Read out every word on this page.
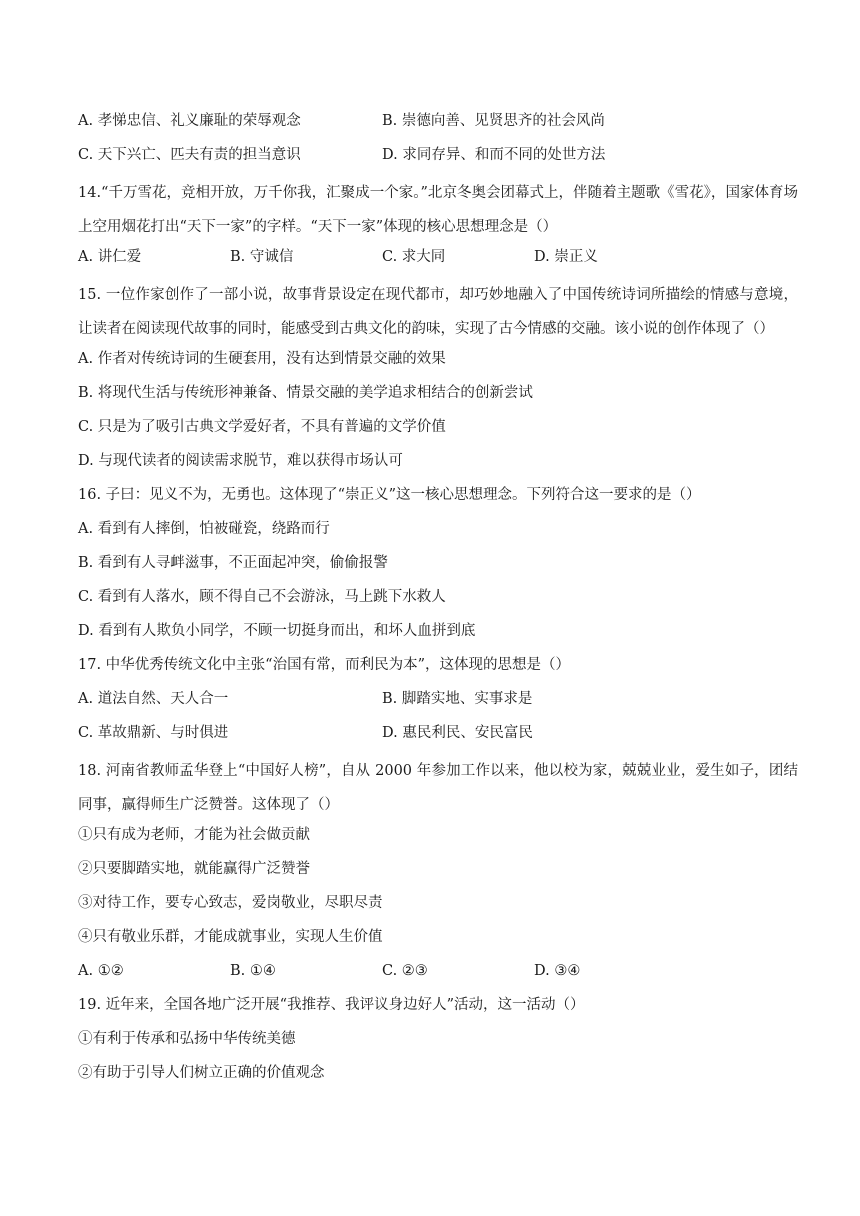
A. 孝悌忠信、礼义廉耻的荣辱观念	B. 崇德向善、见贤思齐的社会风尚
C. 天下兴亡、匹夫有责的担当意识	D. 求同存异、和而不同的处世方法
14.“千万雪花，竞相开放，万千你我，汇聚成一个家。”北京冬奥会团幕式上，伴随着主题歌《雪花》，国家体育场上空用烟花打出“天下一家”的字样。“天下一家”体现的核心思想理念是（）
A. 讲仁爱	B. 守诚信	C. 求大同	D. 崇正义
15. 一位作家创作了一部小说，故事背景设定在现代都市，却巧妙地融入了中国传统诗词所描绘的情感与意境，让读者在阅读现代故事的同时，能感受到古典文化的韵味，实现了古今情感的交融。该小说的创作体现了（）
A. 作者对传统诗词的生硬套用，没有达到情景交融的效果
B. 将现代生活与传统形神兼备、情景交融的美学追求相结合的创新尝试
C. 只是为了吸引古典文学爱好者，不具有普遍的文学价值
D. 与现代读者的阅读需求脱节，难以获得市场认可
16. 子曰：见义不为，无勇也。这体现了“崇正义”这一核心思想理念。下列符合这一要求的是（）
A. 看到有人摔倒，怕被碰瓷，绕路而行
B. 看到有人寻衅滋事，不正面起冲突，偷偷报警
C. 看到有人落水，顾不得自己不会游泳，马上跳下水救人
D. 看到有人欺负小同学，不顾一切挺身而出，和坏人血拼到底
17. 中华优秀传统文化中主张“治国有常，而利民为本”，这体现的思想是（）
A. 道法自然、天人合一	B. 脚踏实地、实事求是
C. 革故鼎新、与时俱进	D. 惠民利民、安民富民
18. 河南省教师孟华登上“中国好人榜”，自从 2000 年参加工作以来，他以校为家，兢兢业业，爱生如子，团结同事，赢得师生广泛赞誉。这体现了（）
①只有成为老师，才能为社会做贡献
②只要脚踏实地，就能赢得广泛赞誉
③对待工作，要专心致志，爱岗敬业，尽职尽责
④只有敬业乐群，才能成就事业，实现人生价值
A. ①②	B. ①④	C. ②③	D. ③④
19. 近年来，全国各地广泛开展“我推荐、我评议身边好人”活动，这一活动（）
①有利于传承和弘扬中华传统美德
②有助于引导人们树立正确的价值观念
